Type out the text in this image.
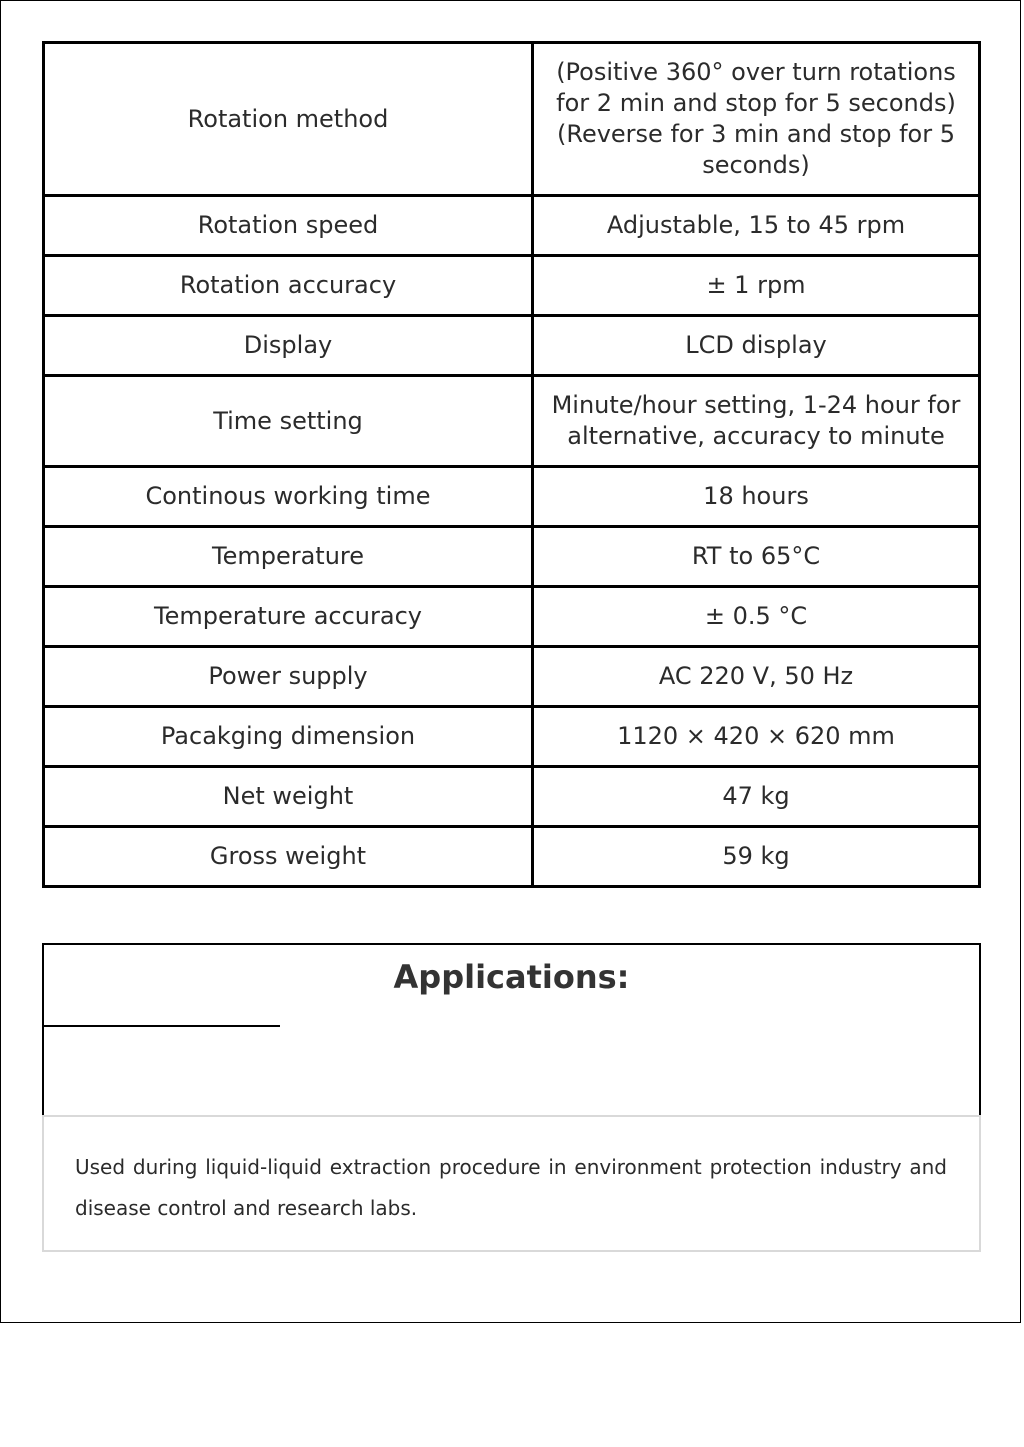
Rotation method	(Positive 360° over turn rotations for 2 min and stop for 5 seconds) (Reverse for 3 min and stop for 5 seconds)
Rotation speed	Adjustable, 15 to 45 rpm
Rotation accuracy	± 1 rpm
Display	LCD display
Time setting	Minute/hour setting, 1-24 hour for alternative, accuracy to minute
Continous working time	18 hours
Temperature	RT to 65°C
Temperature accuracy	± 0.5 °C
Power supply	AC 220 V, 50 Hz
Pacakging dimension	1120 × 420 × 620 mm
Net weight	47 kg
Gross weight	59 kg
Applications:

Used during liquid-liquid extraction procedure in environment protection industry and disease control and research labs.
